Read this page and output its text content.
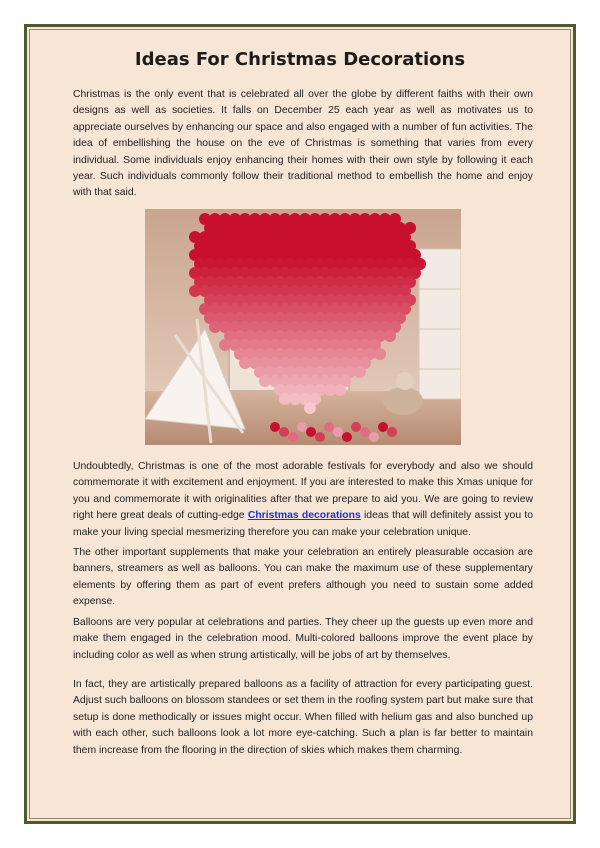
Ideas For Christmas Decorations

Christmas is the only event that is celebrated all over the globe by different faiths with their own designs as well as societies. It falls on December 25 each year as well as motivates us to appreciate ourselves by enhancing our space and also engaged with a number of fun activities. The idea of embellishing the house on the eve of Christmas is something that varies from every individual. Some individuals enjoy enhancing their homes with their own style by following it each year. Such individuals commonly follow their traditional method to embellish the home and enjoy with that said.

Undoubtedly, Christmas is one of the most adorable festivals for everybody and also we should commemorate it with excitement and enjoyment. If you are interested to make this Xmas unique for you and commemorate it with originalities after that we prepare to aid you. We are going to review right here great deals of cutting-edge Christmas decorations ideas that will definitely assist you to make your living special mesmerizing therefore you can make your celebration unique.

The other important supplements that make your celebration an entirely pleasurable occasion are banners, streamers as well as balloons. You can make the maximum use of these supplementary elements by offering them as part of event prefers although you need to sustain some added expense.

Balloons are very popular at celebrations and parties. They cheer up the guests up even more and make them engaged in the celebration mood. Multi-colored balloons improve the event place by including color as well as when strung artistically, will be jobs of art by themselves.

In fact, they are artistically prepared balloons as a facility of attraction for every participating guest. Adjust such balloons on blossom standees or set them in the roofing system part but make sure that setup is done methodically or issues might occur. When filled with helium gas and also bunched up with each other, such balloons look a lot more eye-catching. Such a plan is far better to maintain them increase from the flooring in the direction of skies which makes them charming.
